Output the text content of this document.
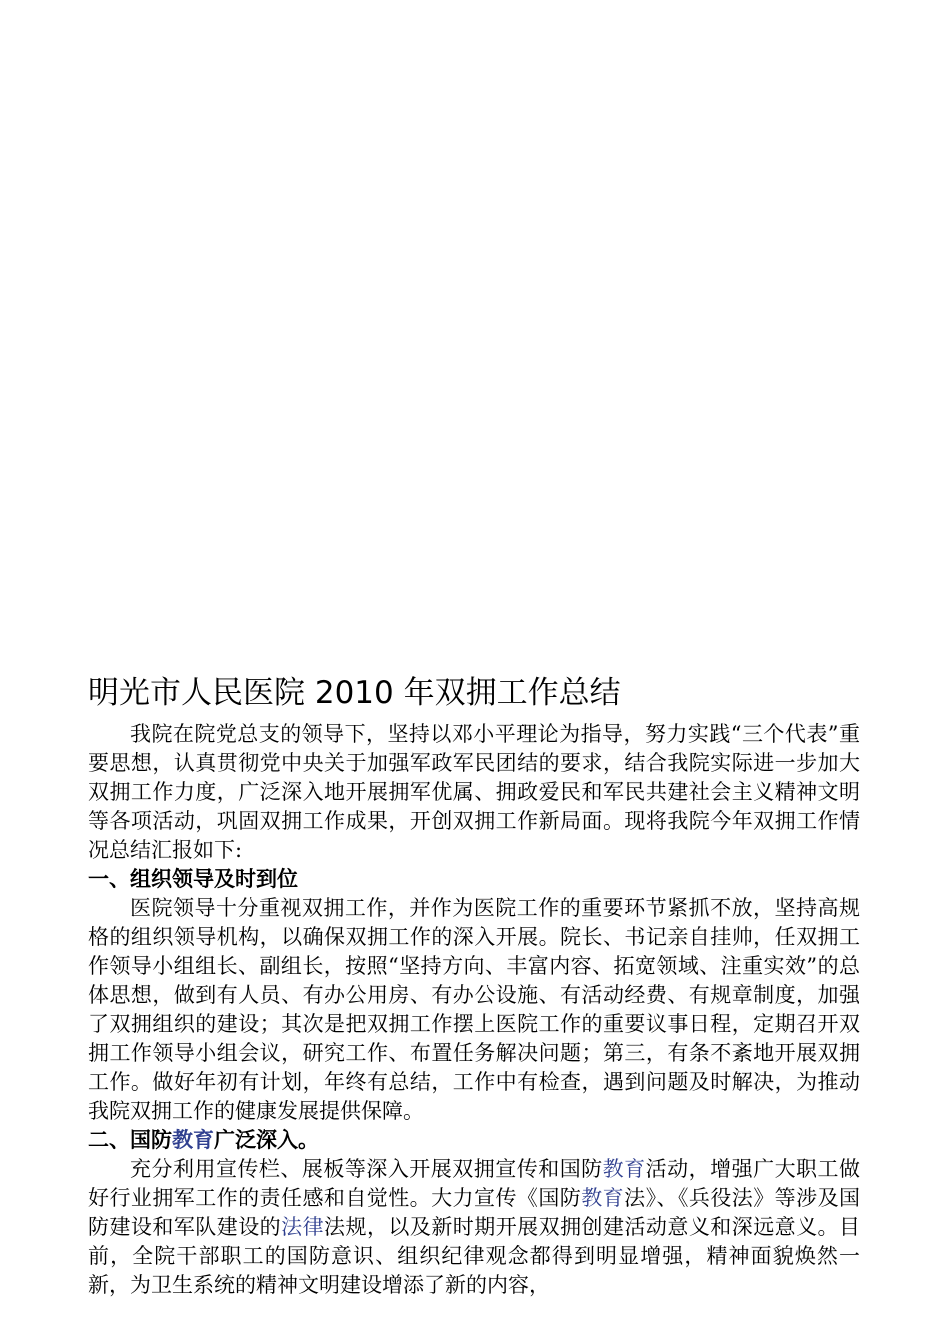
明光市人民医院 2010 年双拥工作总结

我院在院党总支的领导下，坚持以邓小平理论为指导，努力实践“三个代表”重要思想，认真贯彻党中央关于加强军政军民团结的要求，结合我院实际进一步加大双拥工作力度，广泛深入地开展拥军优属、拥政爱民和军民共建社会主义精神文明等各项活动，巩固双拥工作成果，开创双拥工作新局面。现将我院今年双拥工作情况总结汇报如下:

一、组织领导及时到位

医院领导十分重视双拥工作，并作为医院工作的重要环节紧抓不放，坚持高规格的组织领导机构，以确保双拥工作的深入开展。院长、书记亲自挂帅，任双拥工作领导小组组长、副组长，按照“坚持方向、丰富内容、拓宽领域、注重实效”的总体思想，做到有人员、有办公用房、有办公设施、有活动经费、有规章制度，加强了双拥组织的建设；其次是把双拥工作摆上医院工作的重要议事日程，定期召开双拥工作领导小组会议，研究工作、布置任务解决问题；第三，有条不紊地开展双拥工作。做好年初有计划，年终有总结，工作中有检查，遇到问题及时解决，为推动我院双拥工作的健康发展提供保障。

二、国防教育广泛深入。

充分利用宣传栏、展板等深入开展双拥宣传和国防教育活动，增强广大职工做好行业拥军工作的责任感和自觉性。大力宣传《国防教育法》、《兵役法》等涉及国防建设和军队建设的法律法规，以及新时期开展双拥创建活动意义和深远意义。目前，全院干部职工的国防意识、组织纪律观念都得到明显增强，精神面貌焕然一新，为卫生系统的精神文明建设增添了新的内容，
